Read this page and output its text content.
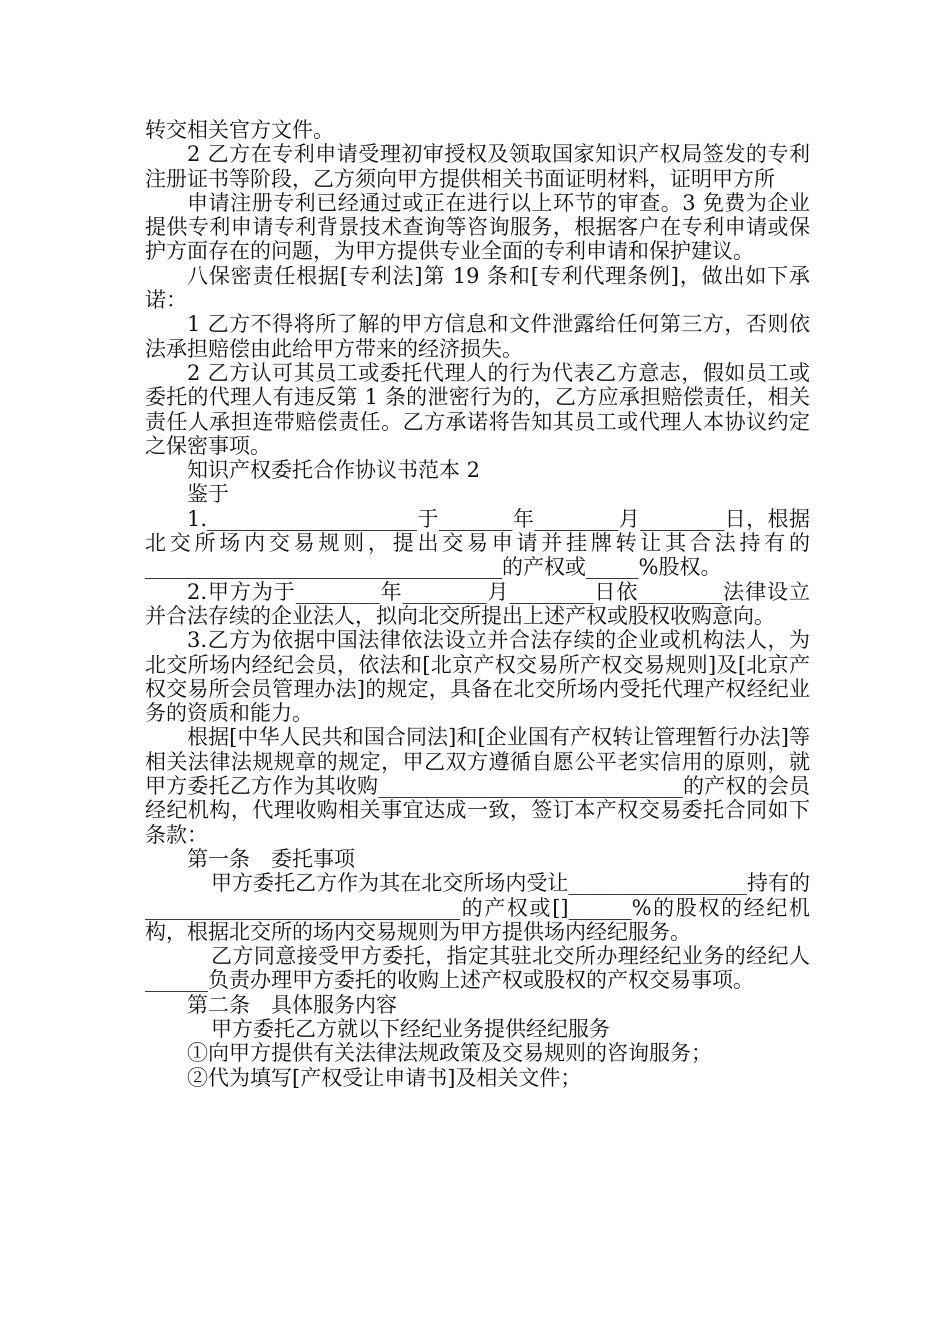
转交相关官方文件。

2 乙方在专利申请受理初审授权及领取国家知识产权局签发的专利注册证书等阶段，乙方须向甲方提供相关书面证明材料，证明甲方所

申请注册专利已经通过或正在进行以上环节的审查。3 免费为企业提供专利申请专利背景技术查询等咨询服务，根据客户在专利申请或保护方面存在的问题，为甲方提供专业全面的专利申请和保护建议。

八保密责任根据[专利法]第 19 条和[专利代理条例]，做出如下承诺：

1 乙方不得将所了解的甲方信息和文件泄露给任何第三方，否则依法承担赔偿由此给甲方带来的经济损失。

2 乙方认可其员工或委托代理人的行为代表乙方意志，假如员工或委托的代理人有违反第 1 条的泄密行为的，乙方应承担赔偿责任，相关责任人承担连带赔偿责任。乙方承诺将告知其员工或代理人本协议约定之保密事项。

知识产权委托合作协议书范本 2

鉴于

1.____________________于_______年________月________日，根据北交所场内交易规则，提出交易申请并挂牌转让其合法持有的__________________________________的产权或_____%股权。

2.甲方为于________年________月________日依________法律设立并合法存续的企业法人，拟向北交所提出上述产权或股权收购意向。

3.乙方为依据中国法律依法设立并合法存续的企业或机构法人，为北交所场内经纪会员，依法和[北京产权交易所产权交易规则]及[北京产权交易所会员管理办法]的规定，具备在北交所场内受托代理产权经纪业务的资质和能力。

根据[中华人民共和国合同法]和[企业国有产权转让管理暂行办法]等相关法律法规规章的规定，甲乙双方遵循自愿公平老实信用的原则，就甲方委托乙方作为其收购_____________________________的产权的会员经纪机构，代理收购相关事宜达成一致，签订本产权交易委托合同如下条款：

第一条　委托事项

甲方委托乙方作为其在北交所场内受让_________________持有的______________________________的产权或[]______%的股权的经纪机构，根据北交所的场内交易规则为甲方提供场内经纪服务。

乙方同意接受甲方委托，指定其驻北交所办理经纪业务的经纪人______负责办理甲方委托的收购上述产权或股权的产权交易事项。

第二条　具体服务内容

甲方委托乙方就以下经纪业务提供经纪服务

①向甲方提供有关法律法规政策及交易规则的咨询服务；

②代为填写[产权受让申请书]及相关文件；
